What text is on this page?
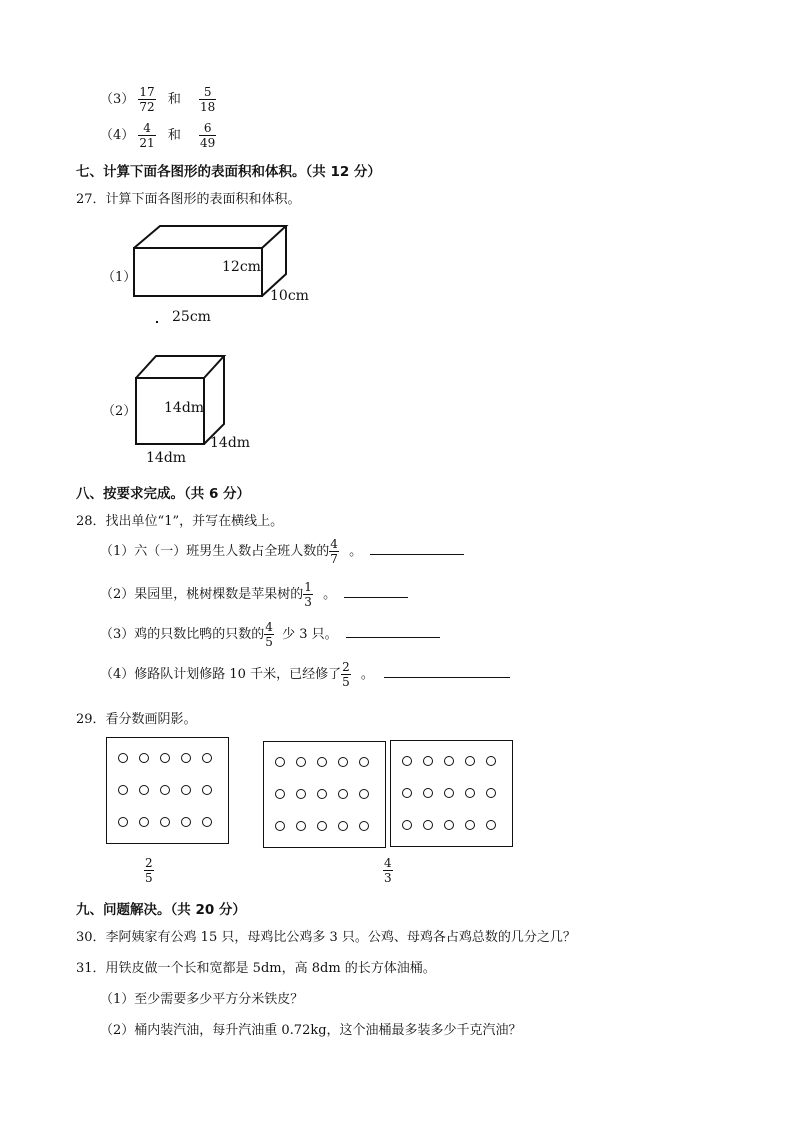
$(3) \frac{17}{72}$ 和 $\frac{5}{18}$
$(4) \frac{4}{21}$ 和 $\frac{6}{49}$
七、计算下面各图形的表面积和体积。（共 12 分）
27．计算下面各图形的表面积和体积。
（1）
12cm
10cm
25cm
（2） 14dm
14dm
14dm
八、按要求完成。（共 6 分）
28．找出单位“1”，并写在横线上。
（1）六（一）班男生人数占全班人数的 $\frac{4}{7}$ 。
（2）果园里，桃树棵数是苹果树的 $\frac{1}{3}$ 。
（3）鸡的只数比鸭的只数的 $\frac{4}{5}$ 少 3 只。
（4）修路队计划修路 10 千米，已经修了 $\frac{2}{5}$ 。
29．看分数画阴影。
$\frac{2}{5}$	$\frac{4}{3}$
九、问题解决。（共 20 分）
30．李阿姨家有公鸡 15 只，母鸡比公鸡多 3 只。公鸡、母鸡各占鸡总数的几分之几？
31．用铁皮做一个长和宽都是 5dm，高 8dm 的长方体油桶。
（1）至少需要多少平方分米铁皮？
（2）桶内装汽油，每升汽油重 0.72kg，这个油桶最多装多少千克汽油？
